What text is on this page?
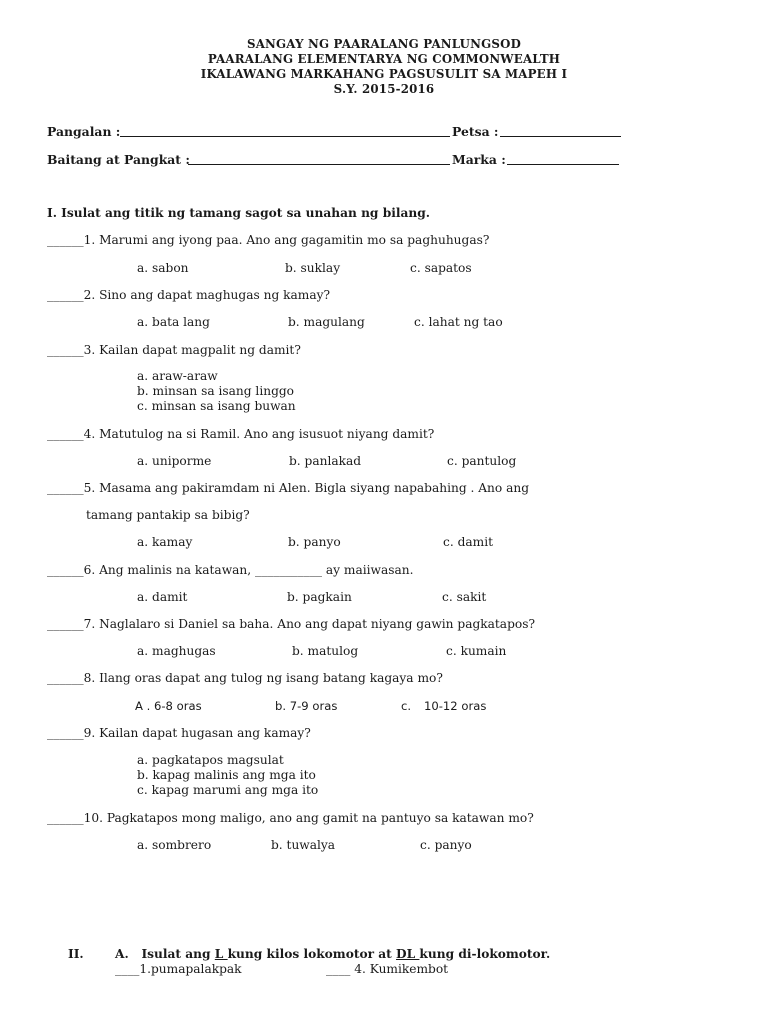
SANGAY NG PAARALANG PANLUNGSOD
PAARALANG ELEMENTARYA NG COMMONWEALTH
IKALAWANG MARKAHANG PAGSUSULIT SA MAPEH I
S.Y. 2015-2016
Pangalan :	Petsa :
Baitang at Pangkat :	Marka :
I. Isulat ang titik ng tamang sagot sa unahan ng bilang.
______1. Marumi ang iyong paa. Ano ang gagamitin mo sa paghuhugas?
a. sabon	b. suklay	c. sapatos
______2. Sino ang dapat maghugas ng kamay?
a. bata lang	b. magulang	c. lahat ng tao
______3. Kailan dapat magpalit ng damit?
a. araw-araw
b. minsan sa isang linggo
c. minsan sa isang buwan
______4. Matutulog na si Ramil. Ano ang isusuot niyang damit?
a. uniporme	b. panlakad	c. pantulog
______5. Masama ang pakiramdam ni Alen. Bigla siyang napabahing . Ano ang
tamang pantakip sa bibig?
a. kamay	b. panyo	c. damit
______6. Ang malinis na katawan, ___________ ay maiiwasan.
a. damit	b. pagkain	c. sakit
______7. Naglalaro si Daniel sa baha. Ano ang dapat niyang gawin pagkatapos?
a. maghugas	b. matulog	c. kumain
______8. Ilang oras dapat ang tulog ng isang batang kagaya mo?
A . 6-8 oras	b. 7-9 oras	c. 10-12 oras
______9. Kailan dapat hugasan ang kamay?
a. pagkatapos magsulat
b. kapag malinis ang mga ito
c. kapag marumi ang mga ito
______10. Pagkatapos mong maligo, ano ang gamit na pantuyo sa katawan mo?
a. sombrero	b. tuwalya	c. panyo
II.	A. Isulat ang L kung kilos lokomotor at DL kung di-lokomotor.
____1.pumapalakpak	____ 4. Kumikembot
